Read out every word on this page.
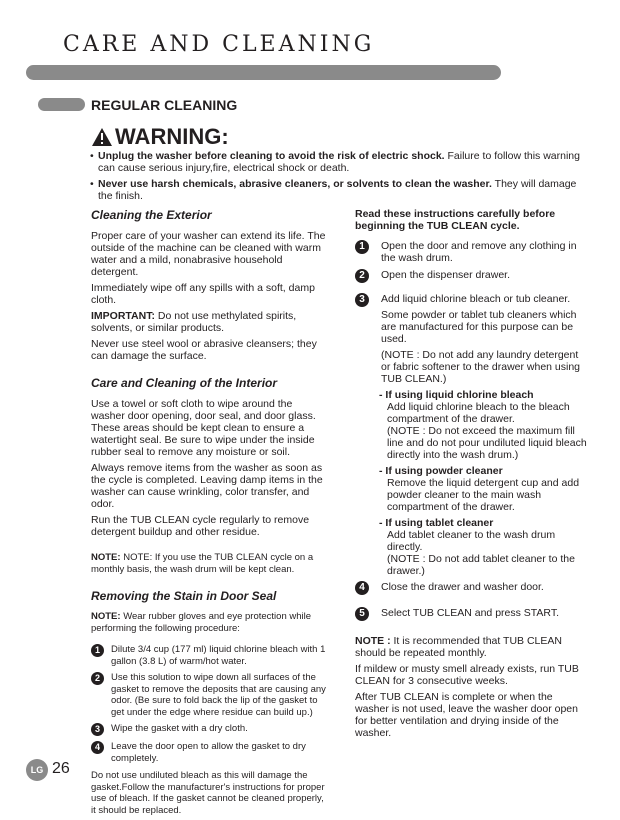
CARE AND CLEANING
REGULAR CLEANING
WARNING:
• Unplug the washer before cleaning to avoid the risk of electric shock. Failure to follow this warning can cause serious injury,fire, electrical shock or death.
• Never use harsh chemicals, abrasive cleaners, or solvents to clean the washer. They will damage the finish.
Cleaning the Exterior

Proper care of your washer can extend its life. The outside of the machine can be cleaned with warm water and a mild, nonabrasive household detergent.

Immediately wipe off any spills with a soft, damp cloth.

IMPORTANT: Do not use methylated spirits, solvents, or similar products.

Never use steel wool or abrasive cleansers; they can damage the surface.

Care and Cleaning of the Interior

Use a towel or soft cloth to wipe around the washer door opening, door seal, and door glass. These areas should be kept clean to ensure a watertight seal. Be sure to wipe under the inside rubber seal to remove any moisture or soil.

Always remove items from the washer as soon as the cycle is completed. Leaving damp items in the washer can cause wrinkling, color transfer, and odor.

Run the TUB CLEAN cycle regularly to remove detergent buildup and other residue.

NOTE: NOTE: If you use the TUB CLEAN cycle on a monthly basis, the wash drum will be kept clean.

Removing the Stain in Door Seal

NOTE: Wear rubber gloves and eye protection while performing the following procedure:

1	Dilute 3/4 cup (177 ml) liquid chlorine bleach with 1 gallon (3.8 L) of warm/hot water.
2	Use this solution to wipe down all surfaces of the gasket to remove the deposits that are causing any odor. (Be sure to fold back the lip of the gasket to get under the edge where residue can build up.)
3	Wipe the gasket with a dry cloth.
4	Leave the door open to allow the gasket to dry completely.

Do not use undiluted bleach as this will damage the gasket.Follow the manufacturer's instructions for proper use of bleach. If the gasket cannot be cleaned properly, it should be replaced.

Read these instructions carefully before beginning the TUB CLEAN cycle.

1	Open the door and remove any clothing in the wash drum.
2	Open the dispenser drawer.
3	Add liquid chlorine bleach or tub cleaner.

Some powder or tablet tub cleaners which are manufactured for this purpose can be used.

(NOTE : Do not add any laundry detergent or fabric softener to the drawer when using TUB CLEAN.)

- If using liquid chlorine bleach
Add liquid chlorine bleach to the bleach compartment of the drawer.
(NOTE : Do not exceed the maximum fill line and do not pour undiluted liquid bleach directly into the wash drum.)
- If using powder cleaner
Remove the liquid detergent cup and add powder cleaner to the main wash compartment of the drawer.
- If using tablet cleaner
Add tablet cleaner to the wash drum directly.
(NOTE : Do not add tablet cleaner to the drawer.)
4	Close the drawer and washer door.
5	Select TUB CLEAN and press START.

NOTE : It is recommended that TUB CLEAN should be repeated monthly.

If mildew or musty smell already exists, run TUB CLEAN for 3 consecutive weeks.

After TUB CLEAN is complete or when the washer is not used, leave the washer door open for better ventilation and drying inside of the washer.

LG 26
